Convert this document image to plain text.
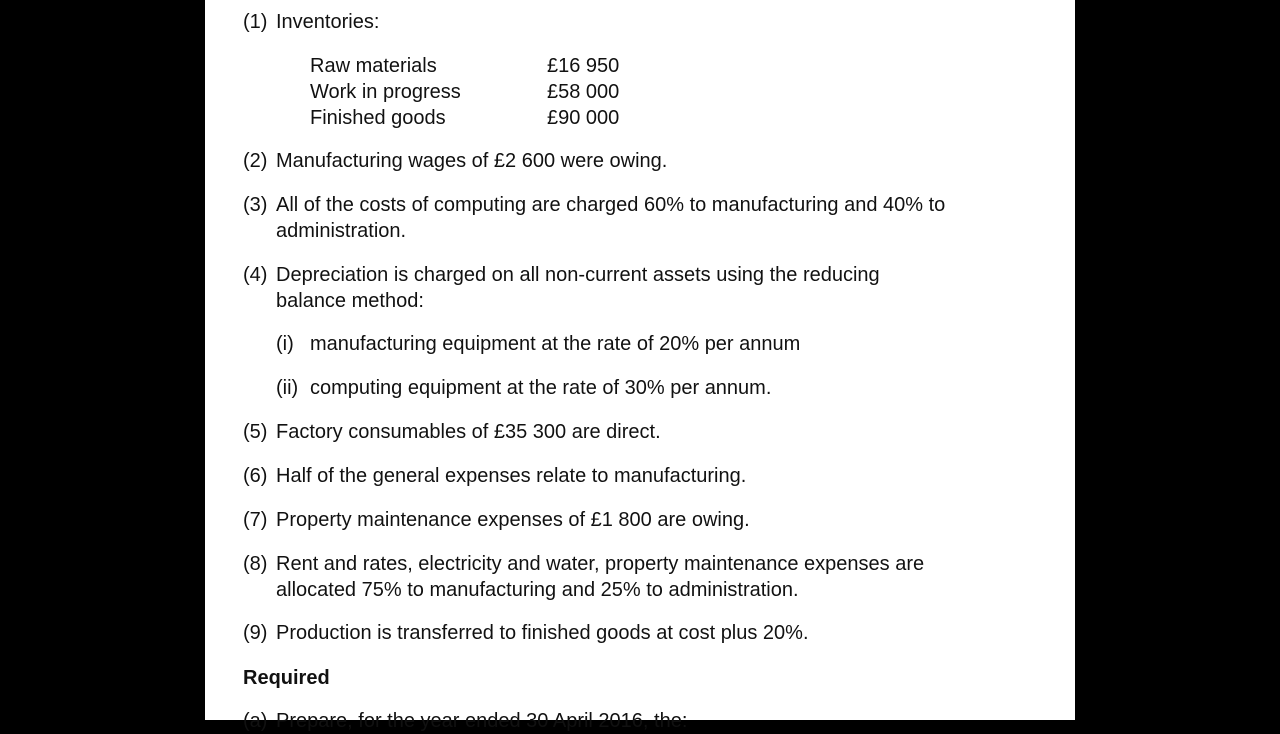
(1) Inventories:
Raw materials	£16 950
Work in progress	£58 000
Finished goods	£90 000
(2) Manufacturing wages of £2 600 were owing.
(3) All of the costs of computing are charged 60% to manufacturing and 40% to
administration.
(4) Depreciation is charged on all non-current assets using the reducing
balance method:
(i) manufacturing equipment at the rate of 20% per annum
(ii) computing equipment at the rate of 30% per annum.
(5) Factory consumables of £35 300 are direct.
(6) Half of the general expenses relate to manufacturing.
(7) Property maintenance expenses of £1 800 are owing.
(8) Rent and rates, electricity and water, property maintenance expenses are
allocated 75% to manufacturing and 25% to administration.
(9) Production is transferred to finished goods at cost plus 20%.
Required
(a) Prepare, for the year ended 30 April 2016, the:
